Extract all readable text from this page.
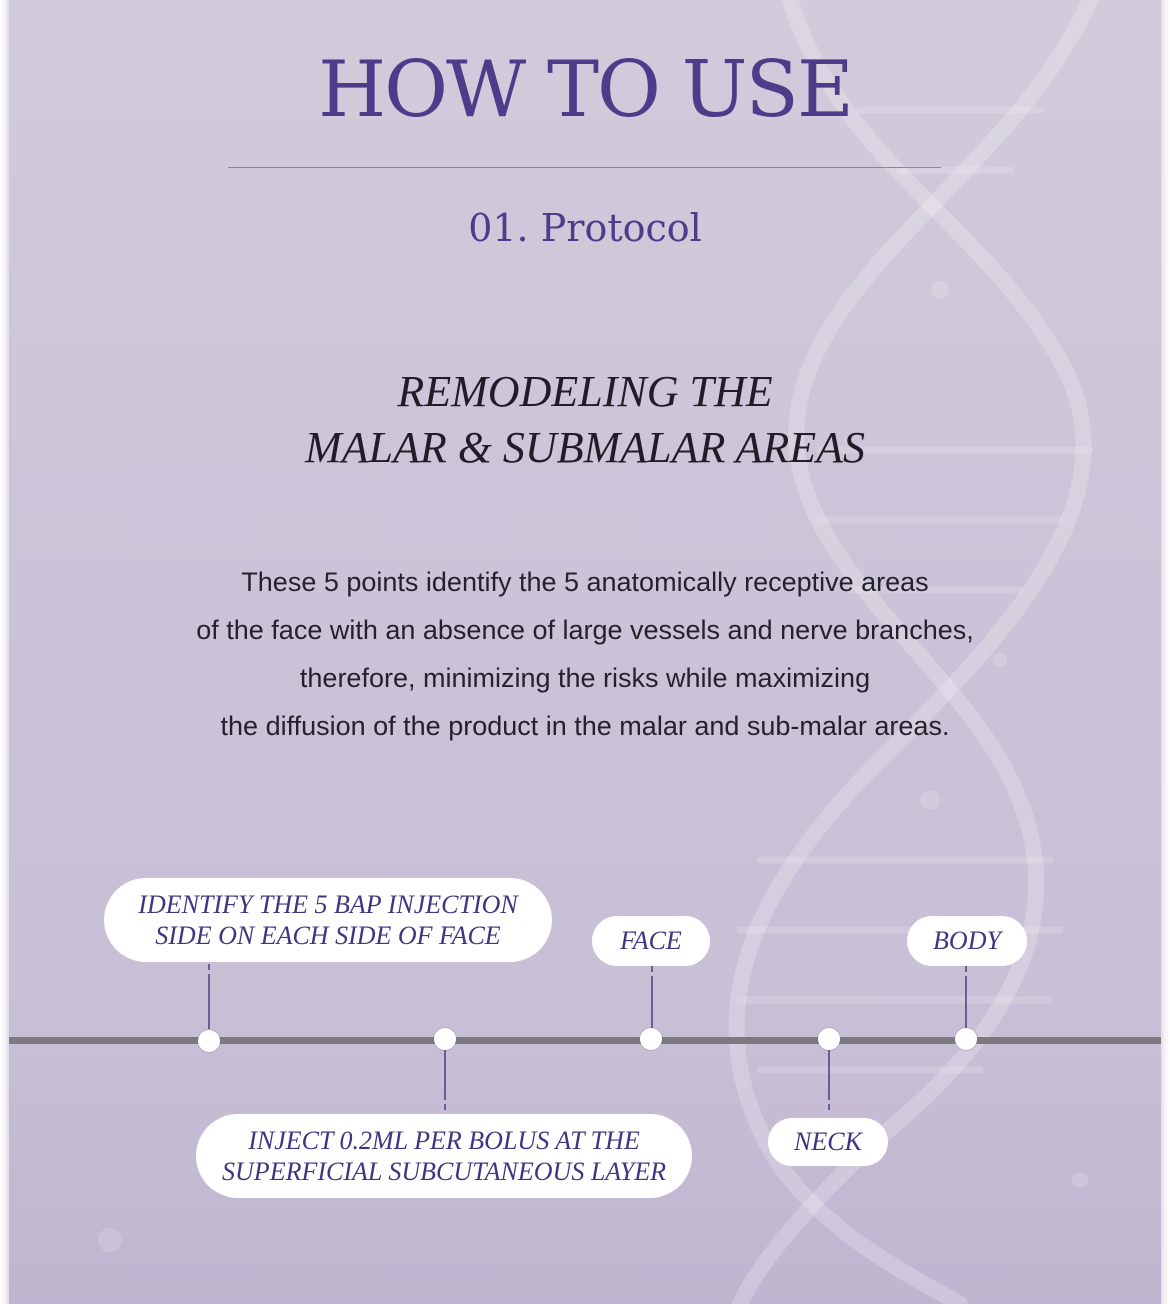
HOW TO USE
01. Protocol
REMODELING THE
MALAR & SUBMALAR AREAS
These 5 points identify the 5 anatomically receptive areas
of the face with an absence of large vessels and nerve branches,
therefore, minimizing the risks while maximizing
the diffusion of the product in the malar and sub-malar areas.
IDENTIFY THE 5 BAP INJECTION
SIDE ON EACH SIDE OF FACE
INJECT 0.2ML PER BOLUS AT THE
SUPERFICIAL SUBCUTANEOUS LAYER
FACE
NECK
BODY
